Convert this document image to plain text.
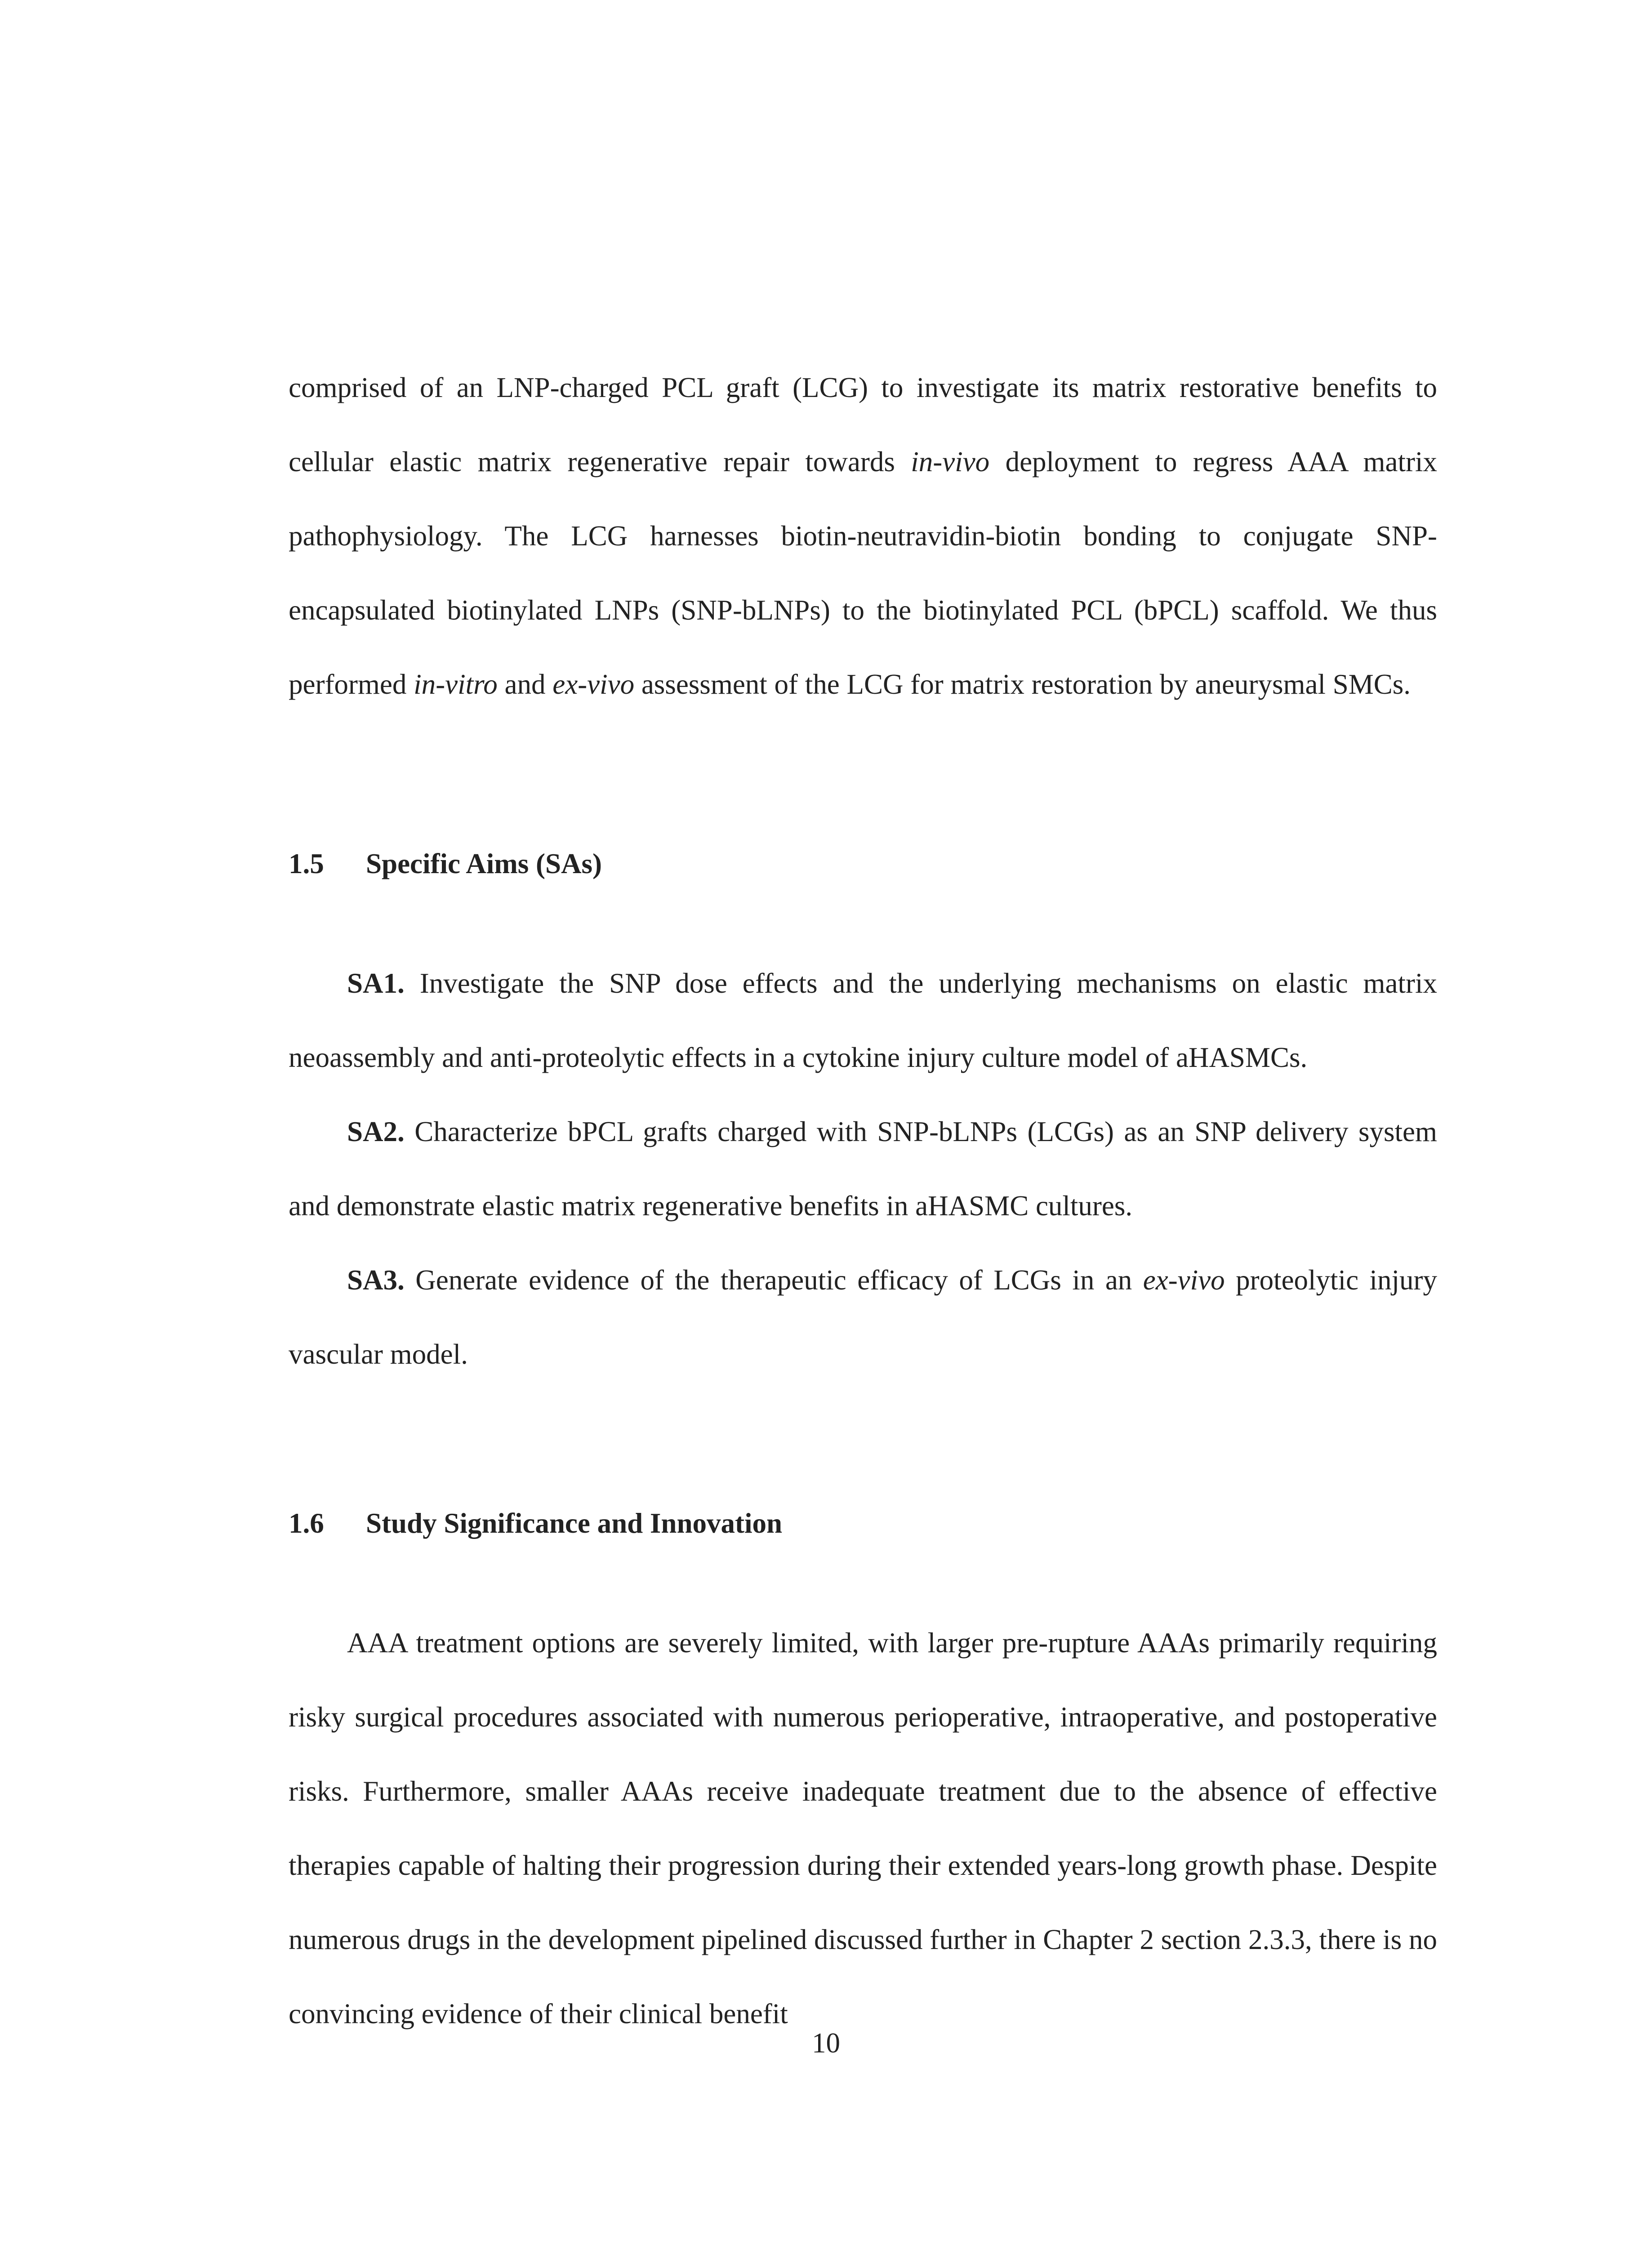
comprised of an LNP-charged PCL graft (LCG) to investigate its matrix restorative benefits to cellular elastic matrix regenerative repair towards in-vivo deployment to regress AAA matrix pathophysiology. The LCG harnesses biotin-neutravidin-biotin bonding to conjugate SNP-encapsulated biotinylated LNPs (SNP-bLNPs) to the biotinylated PCL (bPCL) scaffold. We thus performed in-vitro and ex-vivo assessment of the LCG for matrix restoration by aneurysmal SMCs.

1.5 Specific Aims (SAs)

SA1. Investigate the SNP dose effects and the underlying mechanisms on elastic matrix neoassembly and anti-proteolytic effects in a cytokine injury culture model of aHASMCs.

SA2. Characterize bPCL grafts charged with SNP-bLNPs (LCGs) as an SNP delivery system and demonstrate elastic matrix regenerative benefits in aHASMC cultures.

SA3. Generate evidence of the therapeutic efficacy of LCGs in an ex-vivo proteolytic injury vascular model.

1.6 Study Significance and Innovation

AAA treatment options are severely limited, with larger pre-rupture AAAs primarily requiring risky surgical procedures associated with numerous perioperative, intraoperative, and postoperative risks. Furthermore, smaller AAAs receive inadequate treatment due to the absence of effective therapies capable of halting their progression during their extended years-long growth phase. Despite numerous drugs in the development pipelined discussed further in Chapter 2 section 2.3.3, there is no convincing evidence of their clinical benefit

10
